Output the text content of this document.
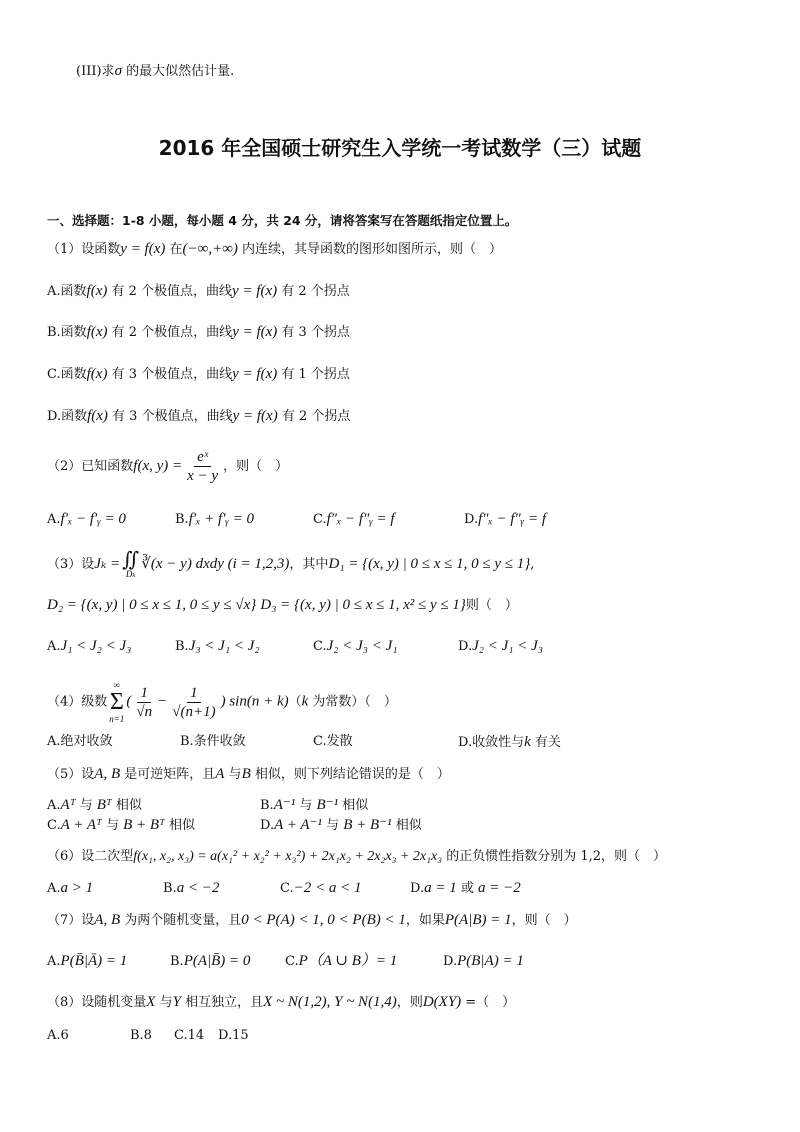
(III)求σ 的最大似然估计量.
2016 年全国硕士研究生入学统一考试数学（三）试题
一、选择题：1-8 小题，每小题 4 分，共 24 分，请将答案写在答题纸指定位置上。
（1）设函数y = f(x) 在(−∞,+∞) 内连续，其导函数的图形如图所示，则（　）
A.函数f(x) 有 2 个极值点，曲线y = f(x) 有 2 个拐点
B.函数f(x) 有 2 个极值点，曲线y = f(x) 有 3 个拐点
C.函数f(x) 有 3 个极值点，曲线y = f(x) 有 1 个拐点
D.函数f(x) 有 3 个极值点，曲线y = f(x) 有 2 个拐点
（2）已知函数f(x, $y) = \frac{\text{eˣ}}{x - y}$ ，则（　）
A.f′ₓ − f′ᵧ = 0	B.f′ₓ + f′ᵧ = 0	C.f″ₓ − f″ᵧ = f	D.f″ₓ − f″ᵧ = f
（3）设Jₖ = ∬
Dₖ
∛(x − y) dxdy (i = 1,2,3)，其中D₁ = {(x, y) | 0 ≤ x ≤ 1, 0 ≤ y ≤ 1},
D₂ = {(x, y) | 0 ≤ x ≤ 1, 0 ≤ y ≤ √x} D₃ = {(x, y) | 0 ≤ x ≤ 1, x² ≤ y ≤ 1}则（　）
A.J₁ < J₂ < J₃	B.J₃ < J₁ < J₂	C.J₂ < J₃ < J₁	D.J₂ < J₁ < J₃
（4）级数
∞
Σ
n=1
( $\frac{1}{√n} - \frac{1}{√(n+1)}$ ) sin(n + k)（k 为常数）（　）
A.绝对收敛	B.条件收敛	C.发散	D.收敛性与k 有关
（5）设A, B 是可逆矩阵，且A 与B 相似，则下列结论错误的是（　）
A.Aᵀ 与 Bᵀ 相似	B.A⁻¹ 与 B⁻¹ 相似
C.A + Aᵀ 与 B + Bᵀ 相似	D.A + A⁻¹ 与 B + B⁻¹ 相似
（6）设二次型f(x₁, x₂, x₃) = a(x₁² + x₂² + x₃²) + 2x₁x₂ + 2x₂x₃ + 2x₁x₃ 的正负惯性指数分别为 1,2，则（　）
A.a > 1	B.a < −2	C.−2 < a < 1	D.a = 1 或 a = −2
（7）设A, B 为两个随机变量，且0 < P(A) < 1, 0 < P(B) < 1，如果P(A|B) = 1，则（　）
A.P(B̄|Ā) = 1	B.P(A|B̄) = 0	C.P（A ∪ B）= 1	D.P(B|A) = 1
（8）设随机变量X 与Y 相互独立，且X ~ N(1,2), Y ~ N(1,4)，则D(XY) =（　）
A.6	B.8 C.14 D.15
